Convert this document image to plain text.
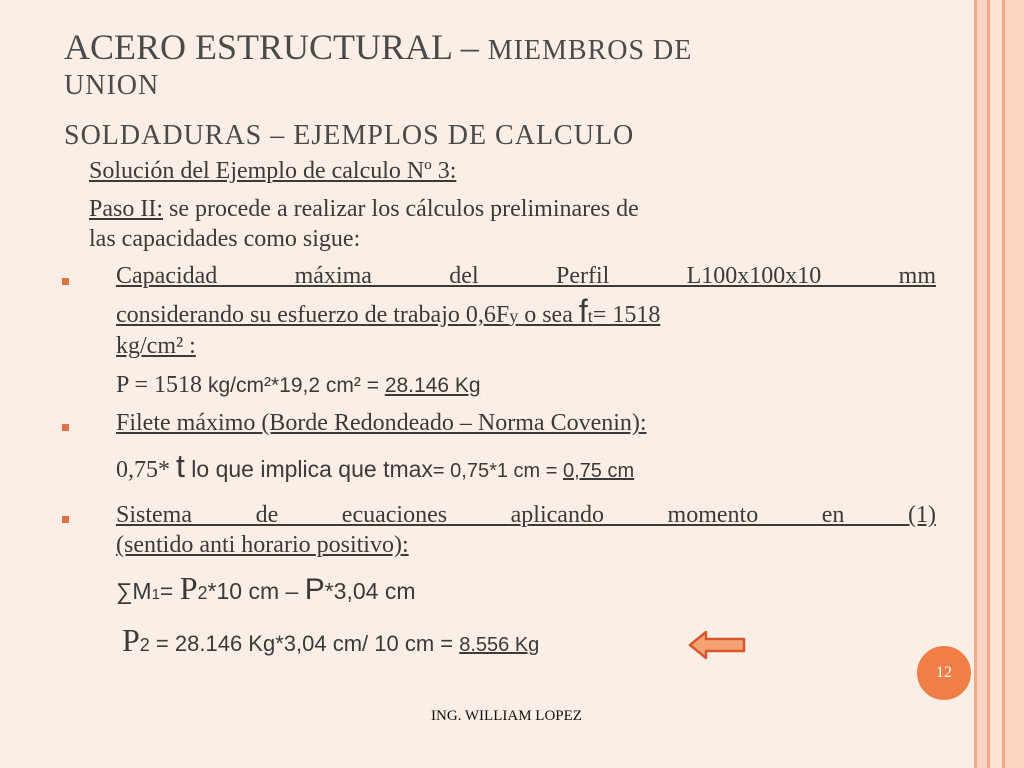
ACERO ESTRUCTURAL – MIEMBROS DE
UNION
SOLDADURAS – EJEMPLOS DE CALCULO
Solución del Ejemplo de calculo Nº 3:
Paso II: se procede a realizar los cálculos preliminares de
las capacidades como sigue:
Capacidad máxima del Perfil L100x100x10 mm
considerando su esfuerzo de trabajo 0,6Fy o sea ft= 1518
kg/cm² :
P = 1518 kg/cm²*19,2 cm² = 28.146 Kg
Filete máximo (Borde Redondeado – Norma Covenin):
0,75* t lo que implica que tmax= 0,75*1 cm = 0,75 cm
Sistema de ecuaciones aplicando momento en (1)
(sentido anti horario positivo):
∑M1= P2*10 cm – P*3,04 cm
P2 = 28.146 Kg*3,04 cm/ 10 cm = 8.556 Kg
12
ING. WILLIAM LOPEZ
